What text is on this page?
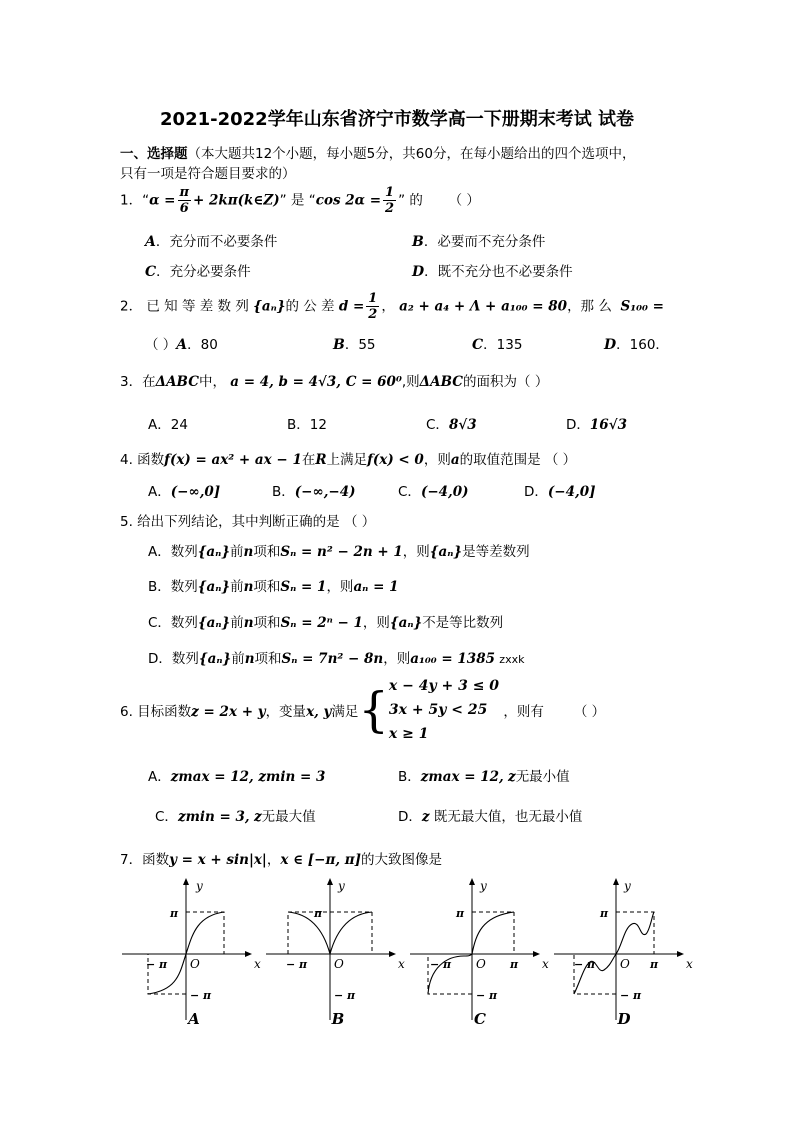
2021-2022学年山东省济宁市数学高一下册期末考试 试卷
一、选择题（本大题共12个小题，每小题5分，共60分，在每小题给出的四个选项中，
只有一项是符合题目要求的）
1．“$\alpha = \frac{\pi}{6}$ + 2kπ(k∈Z)” 是 “cos $2\alpha = \frac{1}{2}$ ” 的 （ ）
A．充分而不必要条件	B．必要而不充分条件
C．充分必要条件	D．既不充分也不必要条件
2． 已 知 等 差 数 列 {aₙ}的 公 差 $d = \frac{1}{2}$ ， a₂ + a₄ + Λ + a₁₀₀ = 80，那 么 S₁₀₀ =
（ ）A．80	B．55	C．135	D．160．
3．在ΔABC中， a = 4, b = 4√3, C = 60⁰,则ΔABC的面积为（ ）
A．24	B．12	C．8√3	D．16√3
4. 函数f(x) = ax² + ax − 1在R上满足f(x) < 0，则a的取值范围是 （ ）
A．(−∞,0]	B．(−∞,−4)	C．(−4,0)	D．(−4,0]
5. 给出下列结论，其中判断正确的是 （ ）
A．数列{aₙ}前n项和Sₙ = n² − 2n + 1，则{aₙ}是等差数列
B．数列{aₙ}前n项和Sₙ = 1，则aₙ = 1
C．数列{aₙ}前n项和Sₙ = 2ⁿ − 1，则{aₙ}不是等比数列
D．数列{aₙ}前n项和Sₙ = 7n² − 8n，则a₁₀₀ = 1385 zxxk
6. 目标函数z = 2x + y，变量x, y满足{ x − 4y + 3 ≤ 0
3x + 5y < 25
x ≥ 1
，则有 （ ）
A．zmax = 12, zmin = 3	B．zmax = 12, z无最小值
C．zmin = 3, z无最大值	D．z 既无最大值，也无最小值
7．函数y = x + sin|x|，x ∈ [−π, π]的大致图像是
y
x
O
π
− π
− π
A
y
x
O
π
− π
− π
B
y
x
O
π
− π	π
− π
C
y
x
O
π
− π	π
− π
D
